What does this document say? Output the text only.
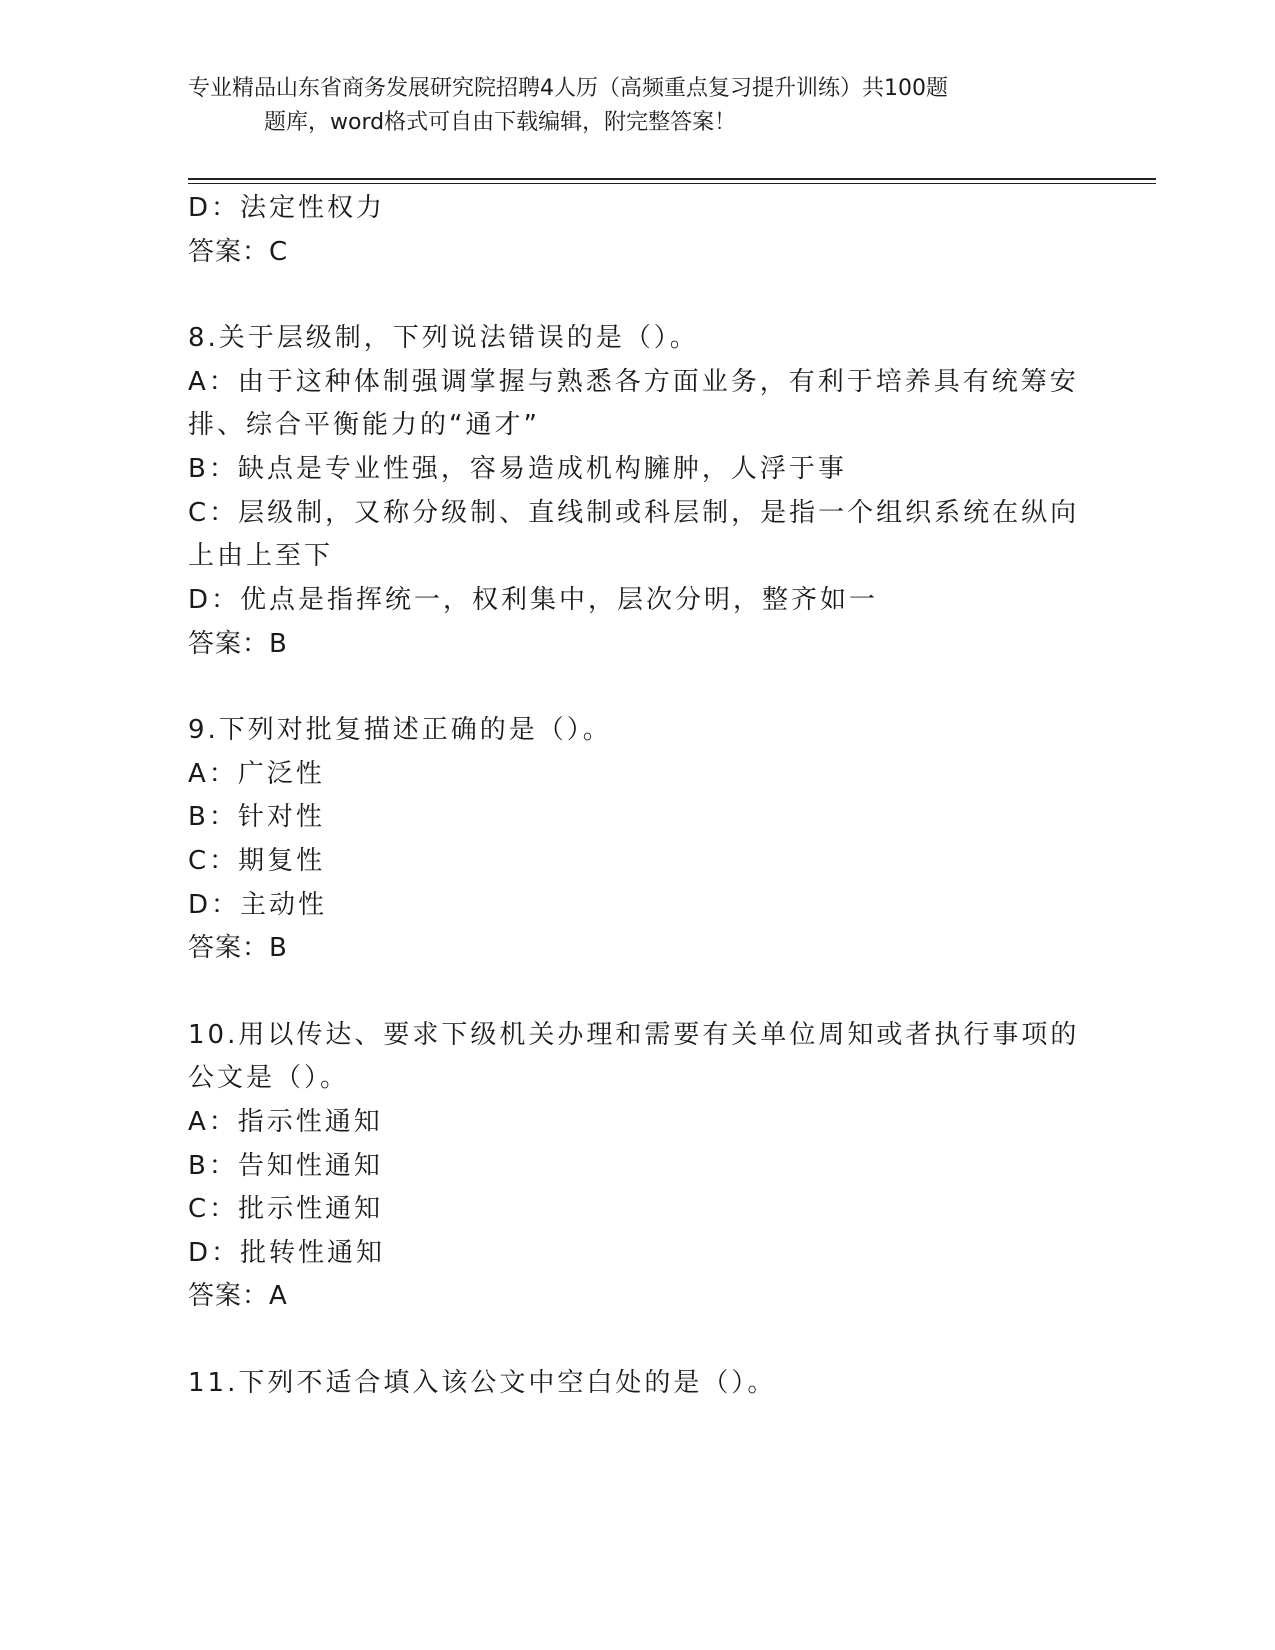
专业精品山东省商务发展研究院招聘4人历（高频重点复习提升训练）共100题
题库，word格式可自由下载编辑，附完整答案！
D：法定性权力
答案：C
8.关于层级制，下列说法错误的是（）。
A：由于这种体制强调掌握与熟悉各方面业务，有利于培养具有统筹安
排、综合平衡能力的“通才”
B：缺点是专业性强，容易造成机构臃肿，人浮于事
C：层级制，又称分级制、直线制或科层制，是指一个组织系统在纵向
上由上至下
D：优点是指挥统一，权利集中，层次分明，整齐如一
答案：B
9.下列对批复描述正确的是（）。
A：广泛性
B：针对性
C：期复性
D：主动性
答案：B
10.用以传达、要求下级机关办理和需要有关单位周知或者执行事项的
公文是（）。
A：指示性通知
B：告知性通知
C：批示性通知
D：批转性通知
答案：A
11.下列不适合填入该公文中空白处的是（）。
